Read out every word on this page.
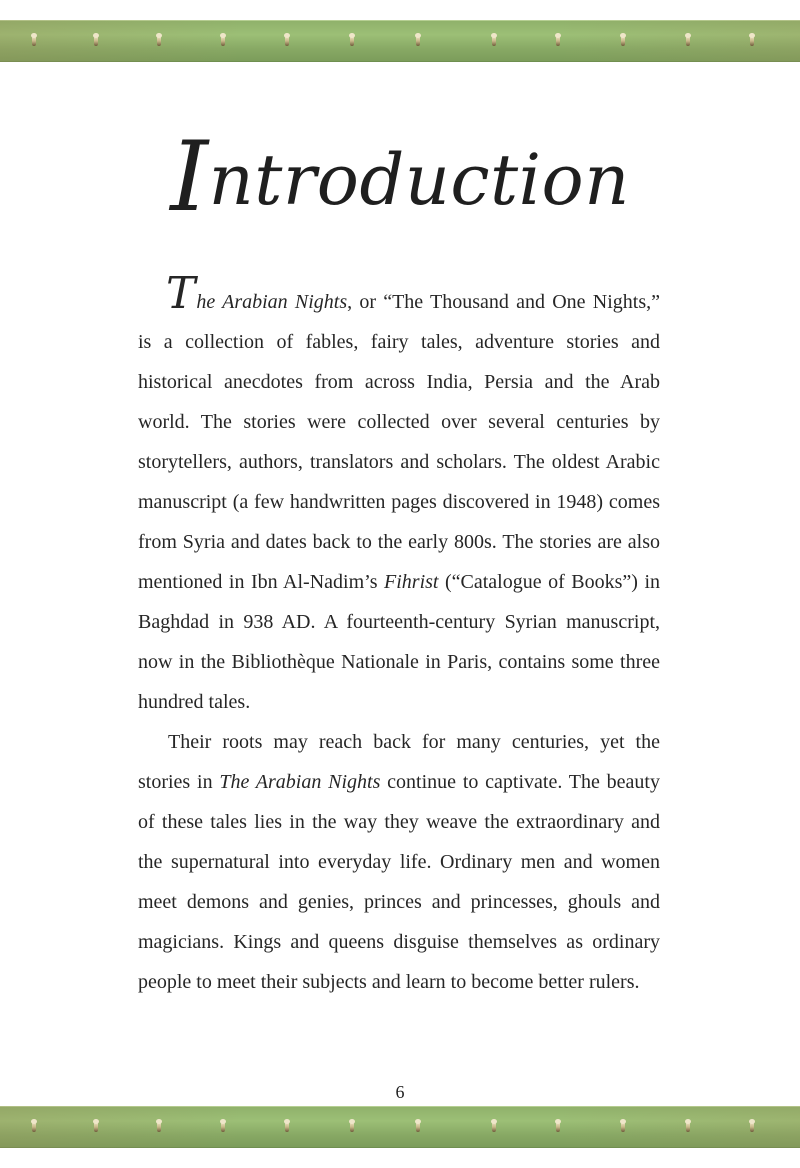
Introduction

The Arabian Nights, or “The Thousand and One Nights,” is a collection of fables, fairy tales, adventure stories and historical anecdotes from across India, Persia and the Arab world. The stories were collected over several centuries by storytellers, authors, translators and scholars. The oldest Arabic manuscript (a few handwritten pages discovered in 1948) comes from Syria and dates back to the early 800s. The stories are also mentioned in Ibn Al-Nadim’s Fihrist (“Catalogue of Books”) in Baghdad in 938 AD. A fourteenth-century Syrian manuscript, now in the Bibliothèque Nationale in Paris, contains some three hundred tales.

Their roots may reach back for many centuries, yet the stories in The Arabian Nights continue to captivate. The beauty of these tales lies in the way they weave the extraordinary and the supernatural into everyday life. Ordinary men and women meet demons and genies, princes and princesses, ghouls and magicians. Kings and queens disguise themselves as ordinary people to meet their subjects and learn to become better rulers.

6
